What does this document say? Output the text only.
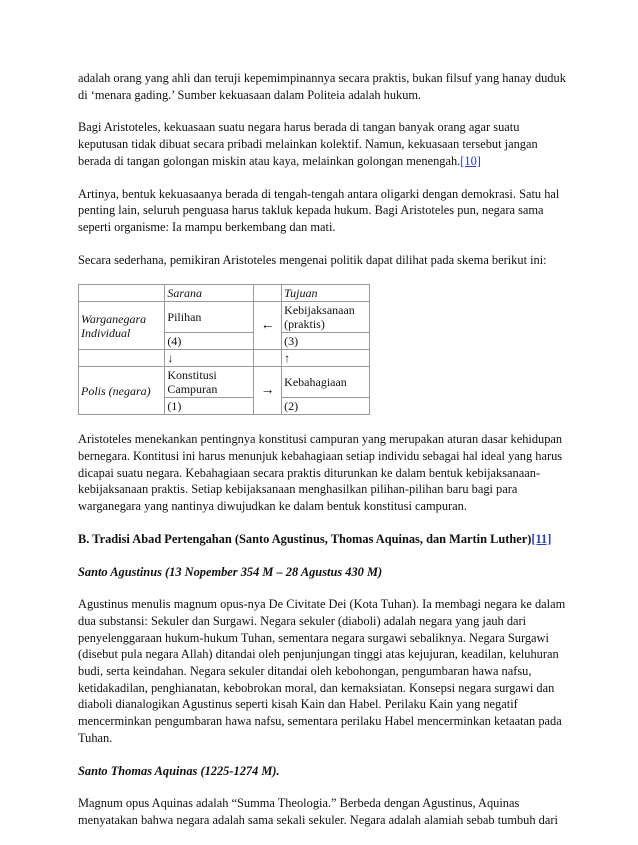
adalah orang yang ahli dan teruji kepemimpinannya secara praktis, bukan filsuf yang hanay duduk di ‘menara gading.’ Sumber kekuasaan dalam Politeia adalah hukum.

Bagi Aristoteles, kekuasaan suatu negara harus berada di tangan banyak orang agar suatu keputusan tidak dibuat secara pribadi melainkan kolektif. Namun, kekuasaan tersebut jangan berada di tangan golongan miskin atau kaya, melainkan golongan menengah.[10]

Artinya, bentuk kekuasaanya berada di tengah-tengah antara oligarki dengan demokrasi. Satu hal penting lain, seluruh penguasa harus takluk kepada hukum. Bagi Aristoteles pun, negara sama seperti organisme: Ia mampu berkembang dan mati.

Secara sederhana, pemikiran Aristoteles mengenai politik dapat dilihat pada skema berikut ini:

	Sarana		Tujuan
Warganegara Individual	Pilihan	←	Kebijaksanaan (praktis)
	(4)		(3)
	↓		↑
Polis (negara)	Konstitusi Campuran	→	Kebahagiaan
	(1)		(2)

Aristoteles menekankan pentingnya konstitusi campuran yang merupakan aturan dasar kehidupan bernegara. Kontitusi ini harus menunjuk kebahagiaan setiap individu sebagai hal ideal yang harus dicapai suatu negara. Kebahagiaan secara praktis diturunkan ke dalam bentuk kebijaksanaan-kebijaksanaan praktis. Setiap kebijaksanaan menghasilkan pilihan-pilihan baru bagi para warganegara yang nantinya diwujudkan ke dalam bentuk konstitusi campuran.

B. Tradisi Abad Pertengahan (Santo Agustinus, Thomas Aquinas, dan Martin Luther)[11]

Santo Agustinus (13 Nopember 354 M – 28 Agustus 430 M)

Agustinus menulis magnum opus-nya De Civitate Dei (Kota Tuhan). Ia membagi negara ke dalam dua substansi: Sekuler dan Surgawi. Negara sekuler (diaboli) adalah negara yang jauh dari penyelenggaraan hukum-hukum Tuhan, sementara negara surgawi sebaliknya. Negara Surgawi (disebut pula negara Allah) ditandai oleh penjunjungan tinggi atas kejujuran, keadilan, keluhuran budi, serta keindahan. Negara sekuler ditandai oleh kebohongan, pengumbaran hawa nafsu, ketidakadilan, penghianatan, kebobrokan moral, dan kemaksiatan. Konsepsi negara surgawi dan diaboli dianalogikan Agustinus seperti kisah Kain dan Habel. Perilaku Kain yang negatif mencerminkan pengumbaran hawa nafsu, sementara perilaku Habel mencerminkan ketaatan pada Tuhan.

Santo Thomas Aquinas (1225-1274 M).

Magnum opus Aquinas adalah “Summa Theologia.” Berbeda dengan Agustinus, Aquinas menyatakan bahwa negara adalah sama sekali sekuler. Negara adalah alamiah sebab tumbuh dari
